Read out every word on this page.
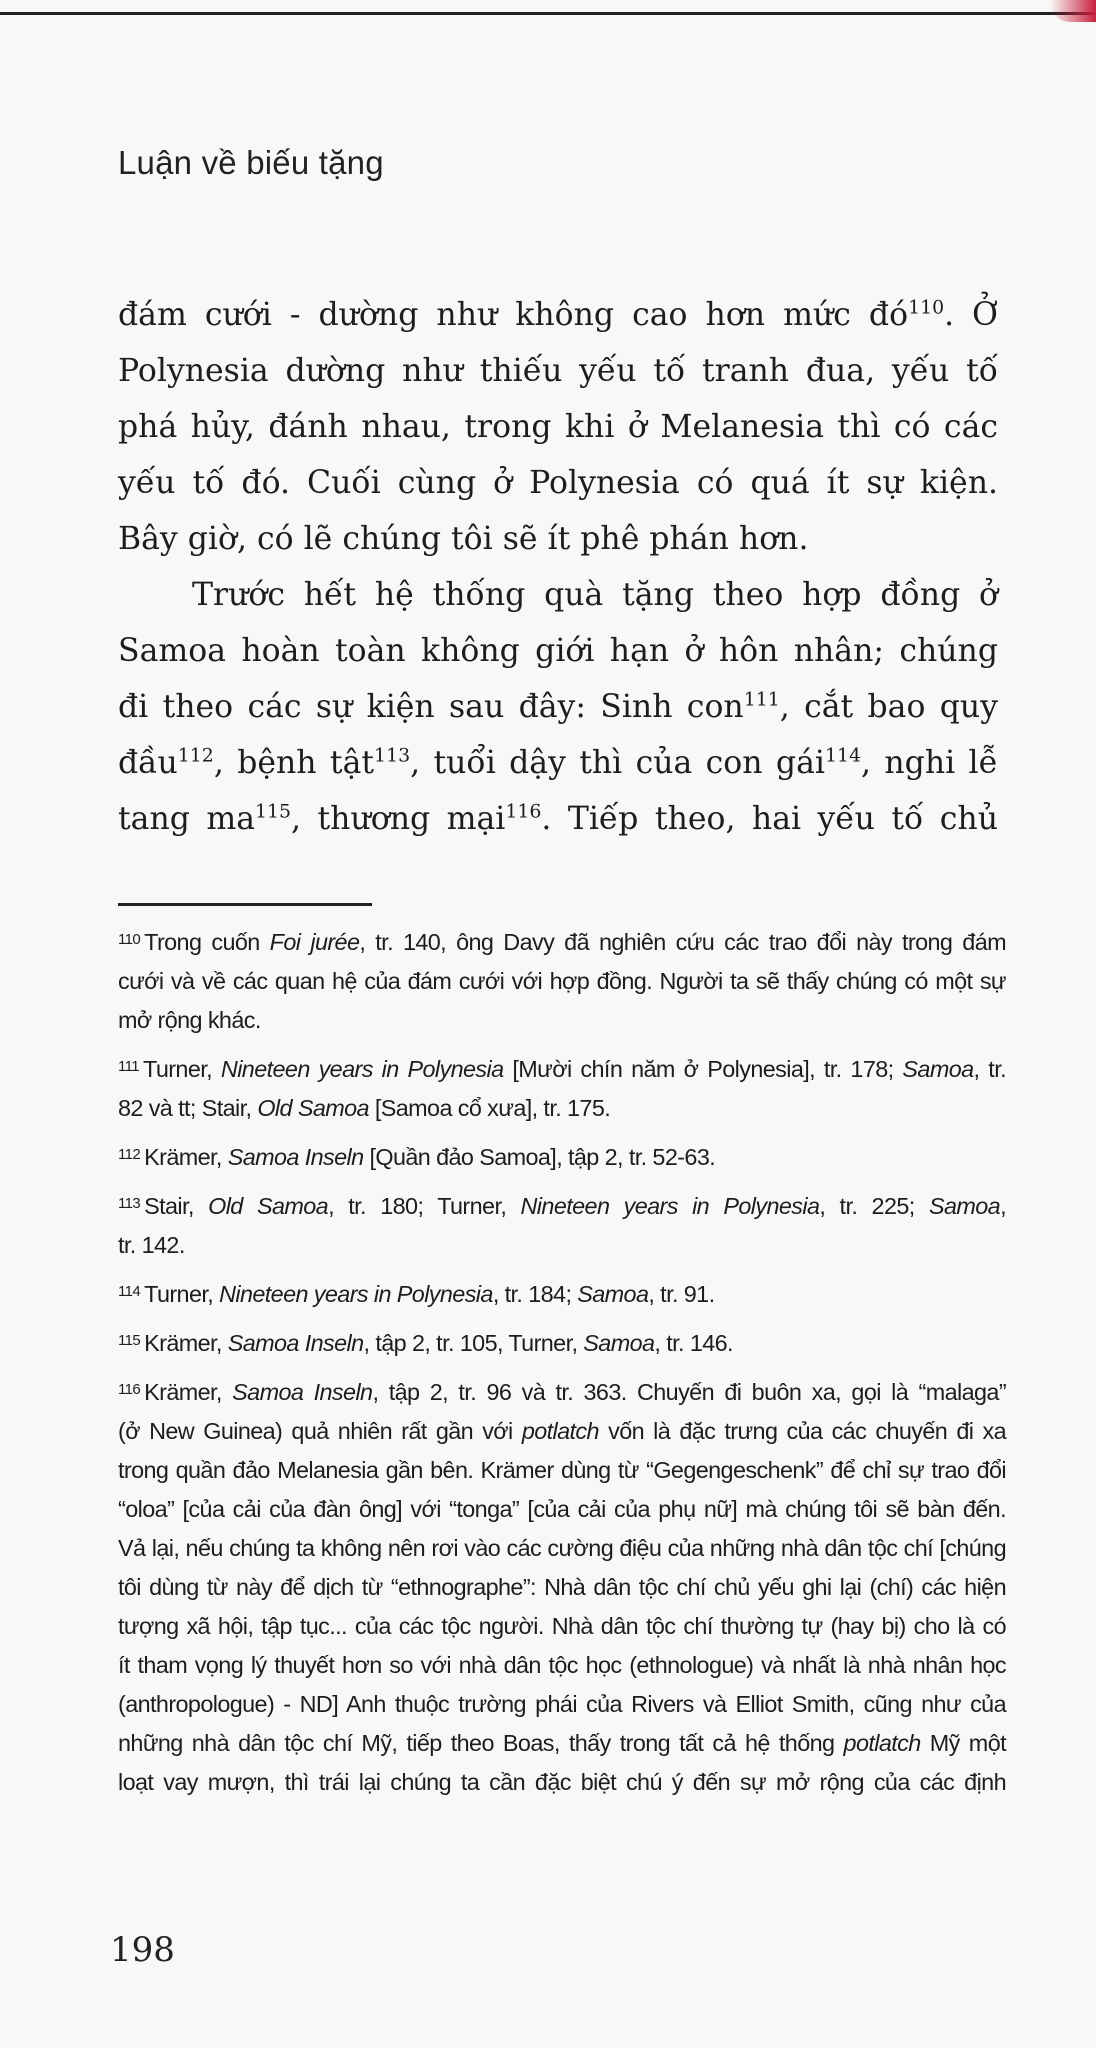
Luận về biếu tặng
đám cưới - dường như không cao hơn mức $đó^{110}$. Ở
Polynesia dường như thiếu yếu tố tranh đua, yếu tố
phá hủy, đánh nhau, trong khi ở Melanesia thì có các
yếu tố đó. Cuối cùng ở Polynesia có quá ít sự kiện.
Bây giờ, có lẽ chúng tôi sẽ ít phê phán hơn.
Trước hết hệ thống quà tặng theo hợp đồng ở
Samoa hoàn toàn không giới hạn ở hôn nhân; chúng
đi theo các sự kiện sau đây: Sinh con$^{111}$, cắt bao quy
đầu$^{112}$, bệnh tật$^{113}$, tuổi dậy thì của con gái$^{114}$, nghi lễ
tang $ma^{115}$, thương mại$^{116}$. Tiếp theo, hai yếu tố chủ
$^{110}$ Trong cuốn Foi jurée, tr. 140, ông Davy đã nghiên cứu các trao đổi này trong đám
cưới và về các quan hệ của đám cưới với hợp đồng. Người ta sẽ thấy chúng có một sự
mở rộng khác.
$^{111}$ Turner, Nineteen years in Polynesia [Mười chín năm ở Polynesia], tr. 178; Samoa, tr.
82 và tt; Stair, Old Samoa [Samoa cổ xưa], tr. 175.
$^{112}$ Krämer, Samoa Inseln [Quần đảo Samoa], tập 2, tr. 52-63.
$^{113}$ Stair, Old Samoa, tr. 180; Turner, Nineteen years in Polynesia, tr. 225; Samoa,
tr. 142.
$^{114}$ Turner, Nineteen years in Polynesia, tr. 184; Samoa, tr. 91.
$^{115}$ Krämer, Samoa Inseln, tập 2, tr. 105, Turner, Samoa, tr. 146.
$^{116}$ Krämer, Samoa Inseln, tập 2, tr. 96 và tr. 363. Chuyến đi buôn xa, gọi là “malaga”
(ở New Guinea) quả nhiên rất gần với potlatch vốn là đặc trưng của các chuyến đi xa
trong quần đảo Melanesia gần bên. Krämer dùng từ “Gegengeschenk” để chỉ sự trao đổi
“oloa” [của cải của đàn ông] với “tonga” [của cải của phụ nữ] mà chúng tôi sẽ bàn đến.
Vả lại, nếu chúng ta không nên rơi vào các cường điệu của những nhà dân tộc chí [chúng
tôi dùng từ này để dịch từ “ethnographe”: Nhà dân tộc chí chủ yếu ghi lại (chí) các hiện
tượng xã hội, tập tục... của các tộc người. Nhà dân tộc chí thường tự (hay bị) cho là có
ít tham vọng lý thuyết hơn so với nhà dân tộc học (ethnologue) và nhất là nhà nhân học
(anthropologue) - ND] Anh thuộc trường phái của Rivers và Elliot Smith, cũng như của
những nhà dân tộc chí Mỹ, tiếp theo Boas, thấy trong tất cả hệ thống potlatch Mỹ một
loạt vay mượn, thì trái lại chúng ta cần đặc biệt chú ý đến sự mở rộng của các định
198
